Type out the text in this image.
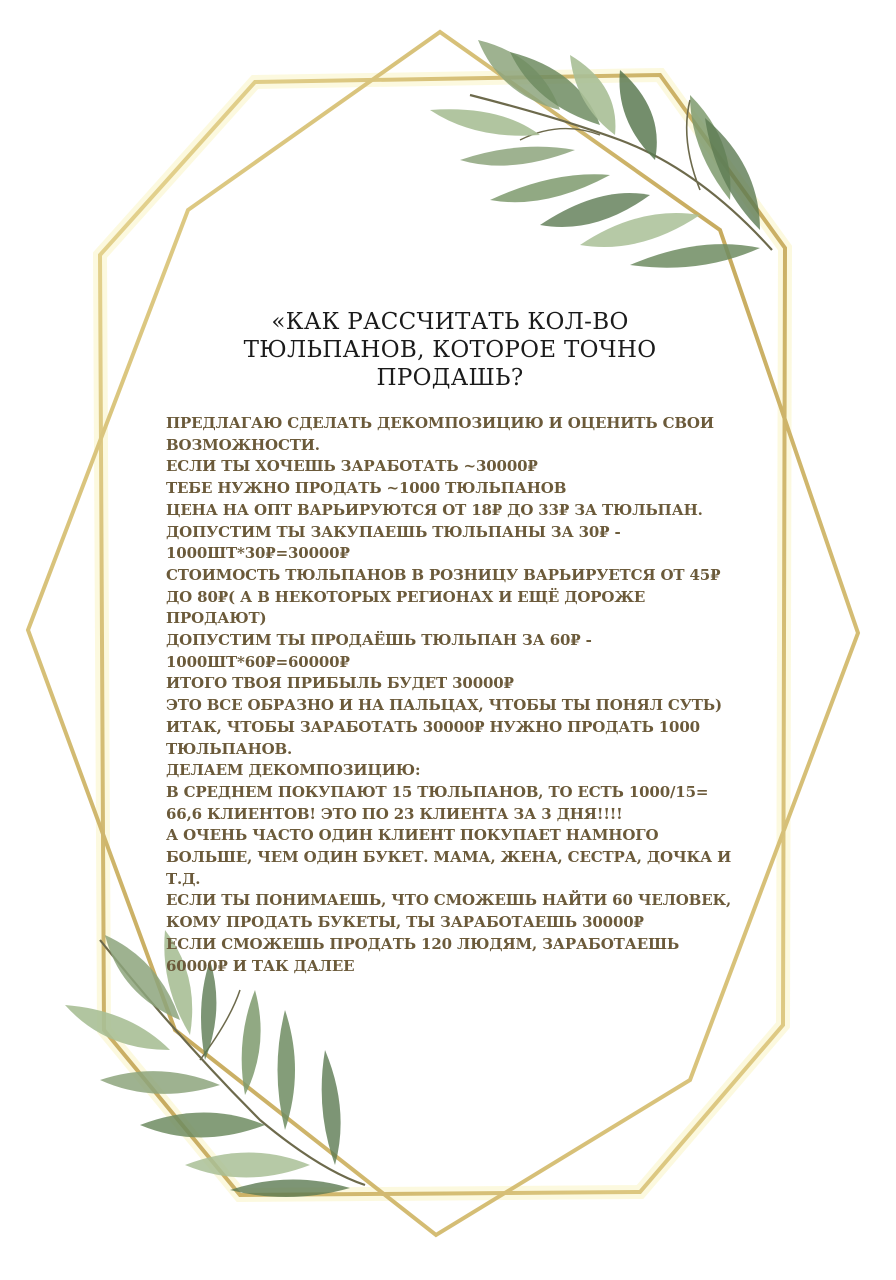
«КАК РАССЧИТАТЬ КОЛ-ВО
ТЮЛЬПАНОВ, КОТОРОЕ ТОЧНО
ПРОДАШЬ?
ПРЕДЛАГАЮ СДЕЛАТЬ ДЕКОМПОЗИЦИЮ И ОЦЕНИТЬ СВОИ
ВОЗМОЖНОСТИ.
ЕСЛИ ТЫ ХОЧЕШЬ ЗАРАБОТАТЬ ~30000₽
ТЕБЕ НУЖНО ПРОДАТЬ ~1000 ТЮЛЬПАНОВ
ЦЕНА НА ОПТ ВАРЬИРУЮТСЯ ОТ 18₽ ДО 33₽ ЗА ТЮЛЬПАН.
ДОПУСТИМ ТЫ ЗАКУПАЕШЬ ТЮЛЬПАНЫ ЗА 30₽ -
1000ШТ*30₽=30000₽
СТОИМОСТЬ ТЮЛЬПАНОВ В РОЗНИЦУ ВАРЬИРУЕТСЯ ОТ 45₽
ДО 80₽( А В НЕКОТОРЫХ РЕГИОНАХ И ЕЩЁ ДОРОЖЕ
ПРОДАЮТ)
ДОПУСТИМ ТЫ ПРОДАЁШЬ ТЮЛЬПАН ЗА 60₽ -
1000ШТ*60₽=60000₽
ИТОГО ТВОЯ ПРИБЫЛЬ БУДЕТ 30000₽
ЭТО ВСЕ ОБРАЗНО И НА ПАЛЬЦАХ, ЧТОБЫ ТЫ ПОНЯЛ СУТЬ)
ИТАК, ЧТОБЫ ЗАРАБОТАТЬ 30000₽ НУЖНО ПРОДАТЬ 1000
ТЮЛЬПАНОВ.
ДЕЛАЕМ ДЕКОМПОЗИЦИЮ:
В СРЕДНЕМ ПОКУПАЮТ 15 ТЮЛЬПАНОВ, ТО ЕСТЬ 1000/15=
66,6 КЛИЕНТОВ! ЭТО ПО 23 КЛИЕНТА ЗА 3 ДНЯ!!!!
А ОЧЕНЬ ЧАСТО ОДИН КЛИЕНТ ПОКУПАЕТ НАМНОГО
БОЛЬШЕ, ЧЕМ ОДИН БУКЕТ. МАМА, ЖЕНА, СЕСТРА, ДОЧКА И
Т.Д.
ЕСЛИ ТЫ ПОНИМАЕШЬ, ЧТО СМОЖЕШЬ НАЙТИ 60 ЧЕЛОВЕК,
КОМУ ПРОДАТЬ БУКЕТЫ, ТЫ ЗАРАБОТАЕШЬ 30000₽
ЕСЛИ СМОЖЕШЬ ПРОДАТЬ 120 ЛЮДЯМ, ЗАРАБОТАЕШЬ
60000₽ И ТАК ДАЛЕЕ
